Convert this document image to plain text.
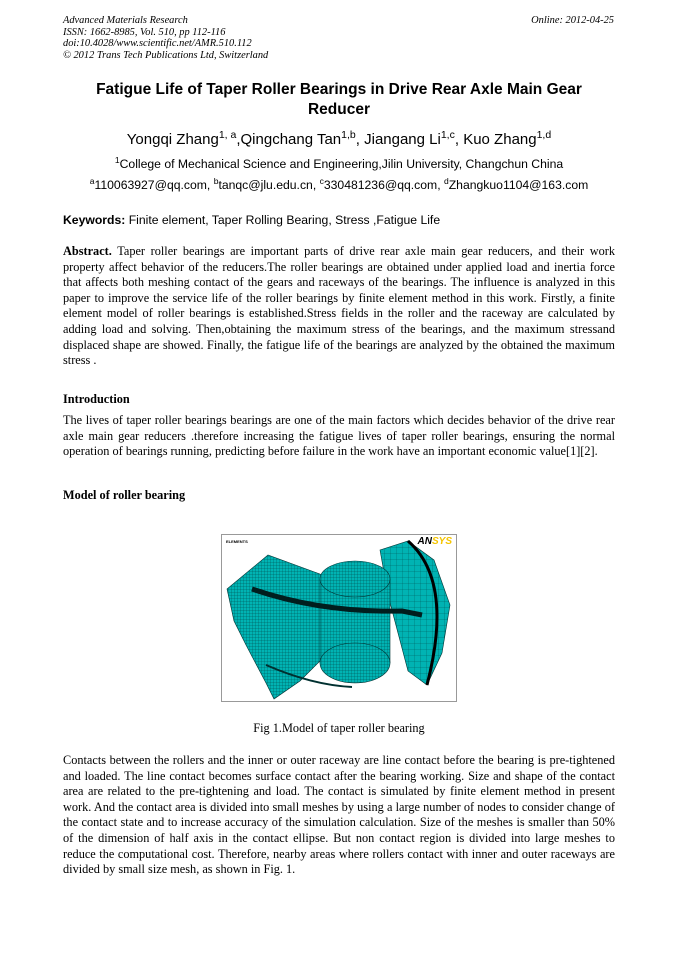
Advanced Materials Research
ISSN: 1662-8985, Vol. 510, pp 112-116
doi:10.4028/www.scientific.net/AMR.510.112
© 2012 Trans Tech Publications Ltd, Switzerland
Online: 2012-04-25
Fatigue Life of Taper Roller Bearings in Drive Rear Axle Main Gear Reducer
Yongqi Zhang$^{1, a}$,Qingchang Tan$^{1,b}$, Jiangang Li$^{1,c}$, Kuo Zhang$^{1,d}$
$^1$College of Mechanical Science and Engineering,Jilin University, Changchun China
$^a$110063927@qq.com, $^b$tanqc@jlu.edu.cn, $^c$330481236@qq.com, $^d$Zhangkuo1104@163.com
Keywords: Finite element, Taper Rolling Bearing, Stress ,Fatigue Life
Abstract. Taper roller bearings are important parts of drive rear axle main gear reducers, and their work property affect behavior of the reducers.The roller bearings are obtained under applied load and inertia force that affects both meshing contact of the gears and raceways of the bearings. The influence is analyzed in this paper to improve the service life of the roller bearings by finite element method in this work. Firstly, a finite element model of roller bearings is established.Stress fields in the roller and the raceway are calculated by adding load and solving. Then,obtaining the maximum stress of the bearings, and the maximum stressand displaced shape are showed. Finally, the fatigue life of the bearings are analyzed by the obtained the maximum stress .
Introduction
The lives of taper roller bearings bearings are one of the main factors which decides behavior of the drive rear axle main gear reducers .therefore increasing the fatigue lives of taper roller bearings, ensuring the normal operation of bearings running, predicting before failure in the work have an important economic value[1][2].
Model of roller bearing
ELEMENTS	ANSYS
Fig 1.Model of taper roller bearing
Contacts between the rollers and the inner or outer raceway are line contact before the bearing is pre-tightened and loaded. The line contact becomes surface contact after the bearing working. Size and shape of the contact area are related to the pre-tightening and load. The contact is simulated by finite element method in present work. And the contact area is divided into small meshes by using a large number of nodes to consider change of the contact state and to increase accuracy of the simulation calculation. Size of the meshes is smaller than 50% of the dimension of half axis in the contact ellipse. But non contact region is divided into large meshes to reduce the computational cost. Therefore, nearby areas where rollers contact with inner and outer raceways are divided by small size mesh, as shown in Fig. 1.
